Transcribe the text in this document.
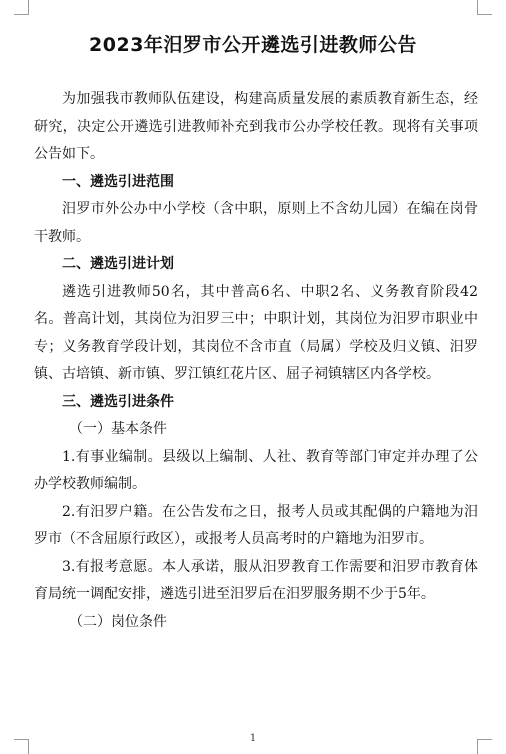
2023年汨罗市公开遴选引进教师公告

为加强我市教师队伍建设，构建高质量发展的素质教育新生态，经研究，决定公开遴选引进教师补充到我市公办学校任教。现将有关事项公告如下。

一、遴选引进范围

汨罗市外公办中小学校（含中职，原则上不含幼儿园）在编在岗骨干教师。

二、遴选引进计划

遴选引进教师50名，其中普高6名、中职2名、义务教育阶段42名。普高计划，其岗位为汨罗三中；中职计划，其岗位为汨罗市职业中专；义务教育学段计划，其岗位不含市直（局属）学校及归义镇、汨罗镇、古培镇、新市镇、罗江镇红花片区、屈子祠镇辖区内各学校。

三、遴选引进条件

（一）基本条件

1.有事业编制。县级以上编制、人社、教育等部门审定并办理了公办学校教师编制。

2.有汨罗户籍。在公告发布之日，报考人员或其配偶的户籍地为汨罗市（不含屈原行政区），或报考人员高考时的户籍地为汨罗市。

3.有报考意愿。本人承诺，服从汨罗教育工作需要和汨罗市教育体育局统一调配安排，遴选引进至汨罗后在汨罗服务期不少于5年。

（二）岗位条件

1
